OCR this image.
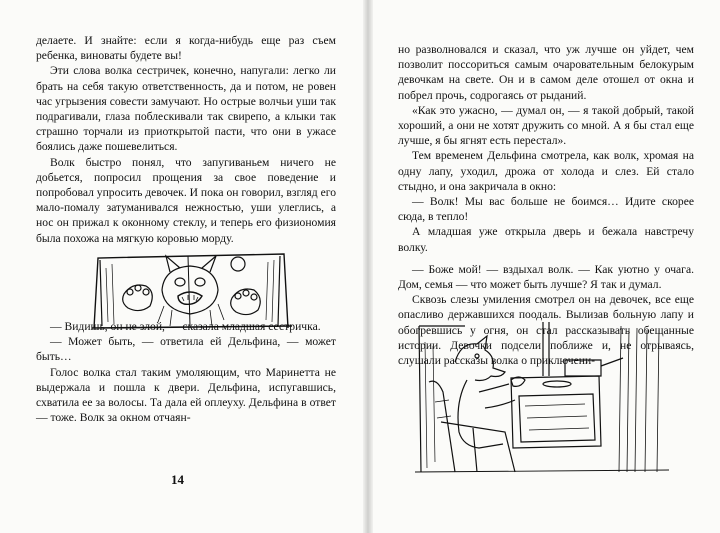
делаете. И знайте: если я когда-нибудь еще раз съем ребенка, виноваты будете вы!

Эти слова волка сестричек, конечно, напугали: легко ли брать на себя такую ответственность, да и потом, не ровен час угрызения совести замучают. Но острые волчьи уши так подрагивали, глаза поблескивали так свирепо, а клыки так страшно торчали из приоткрытой пасти, что они в ужасе боялись даже пошевелиться.

Волк быстро понял, что запугиваньем ничего не добьется, попросил прощения за свое поведение и попробовал упросить девочек. И пока он говорил, взгляд его мало-помалу затуманивался нежностью, уши улеглись, а нос он прижал к оконному стеклу, и теперь его физиономия была похожа на мягкую коровью морду.

— Видишь, он не злой, — сказала младшая сестричка.

— Может быть, — ответила ей Дельфина, — может быть…

Голос волка стал таким умоляющим, что Маринетта не выдержала и пошла к двери. Дельфина, испугавшись, схватила ее за волосы. Та дала ей оплеуху. Дельфина в ответ — тоже. Волк за окном отчаян-

14

но разволновался и сказал, что уж лучше он уйдет, чем позволит поссориться самым очаровательным белокурым девочкам на свете. Он и в самом деле отошел от окна и побрел прочь, содрогаясь от рыданий.

«Как это ужасно, — думал он, — я такой добрый, такой хороший, а они не хотят дружить со мной. А я бы стал еще лучше, я бы ягнят есть перестал».

Тем временем Дельфина смотрела, как волк, хромая на одну лапу, уходил, дрожа от холода и слез. Ей стало стыдно, и она закричала в окно:

— Волк! Мы вас больше не боимся… Идите скорее сюда, в тепло!

А младшая уже открыла дверь и бежала навстречу волку.

— Боже мой! — вздыхал волк. — Как уютно у очага. Дом, семья — что может быть лучше? Я так и думал.

Сквозь слезы умиления смотрел он на девочек, все еще опасливо державшихся поодаль. Вылизав больную лапу и обогревшись у огня, он стал рассказывать обещанные истории. Девочки подсели поближе и, не отрываясь, слушали рассказы волка о приключени-
